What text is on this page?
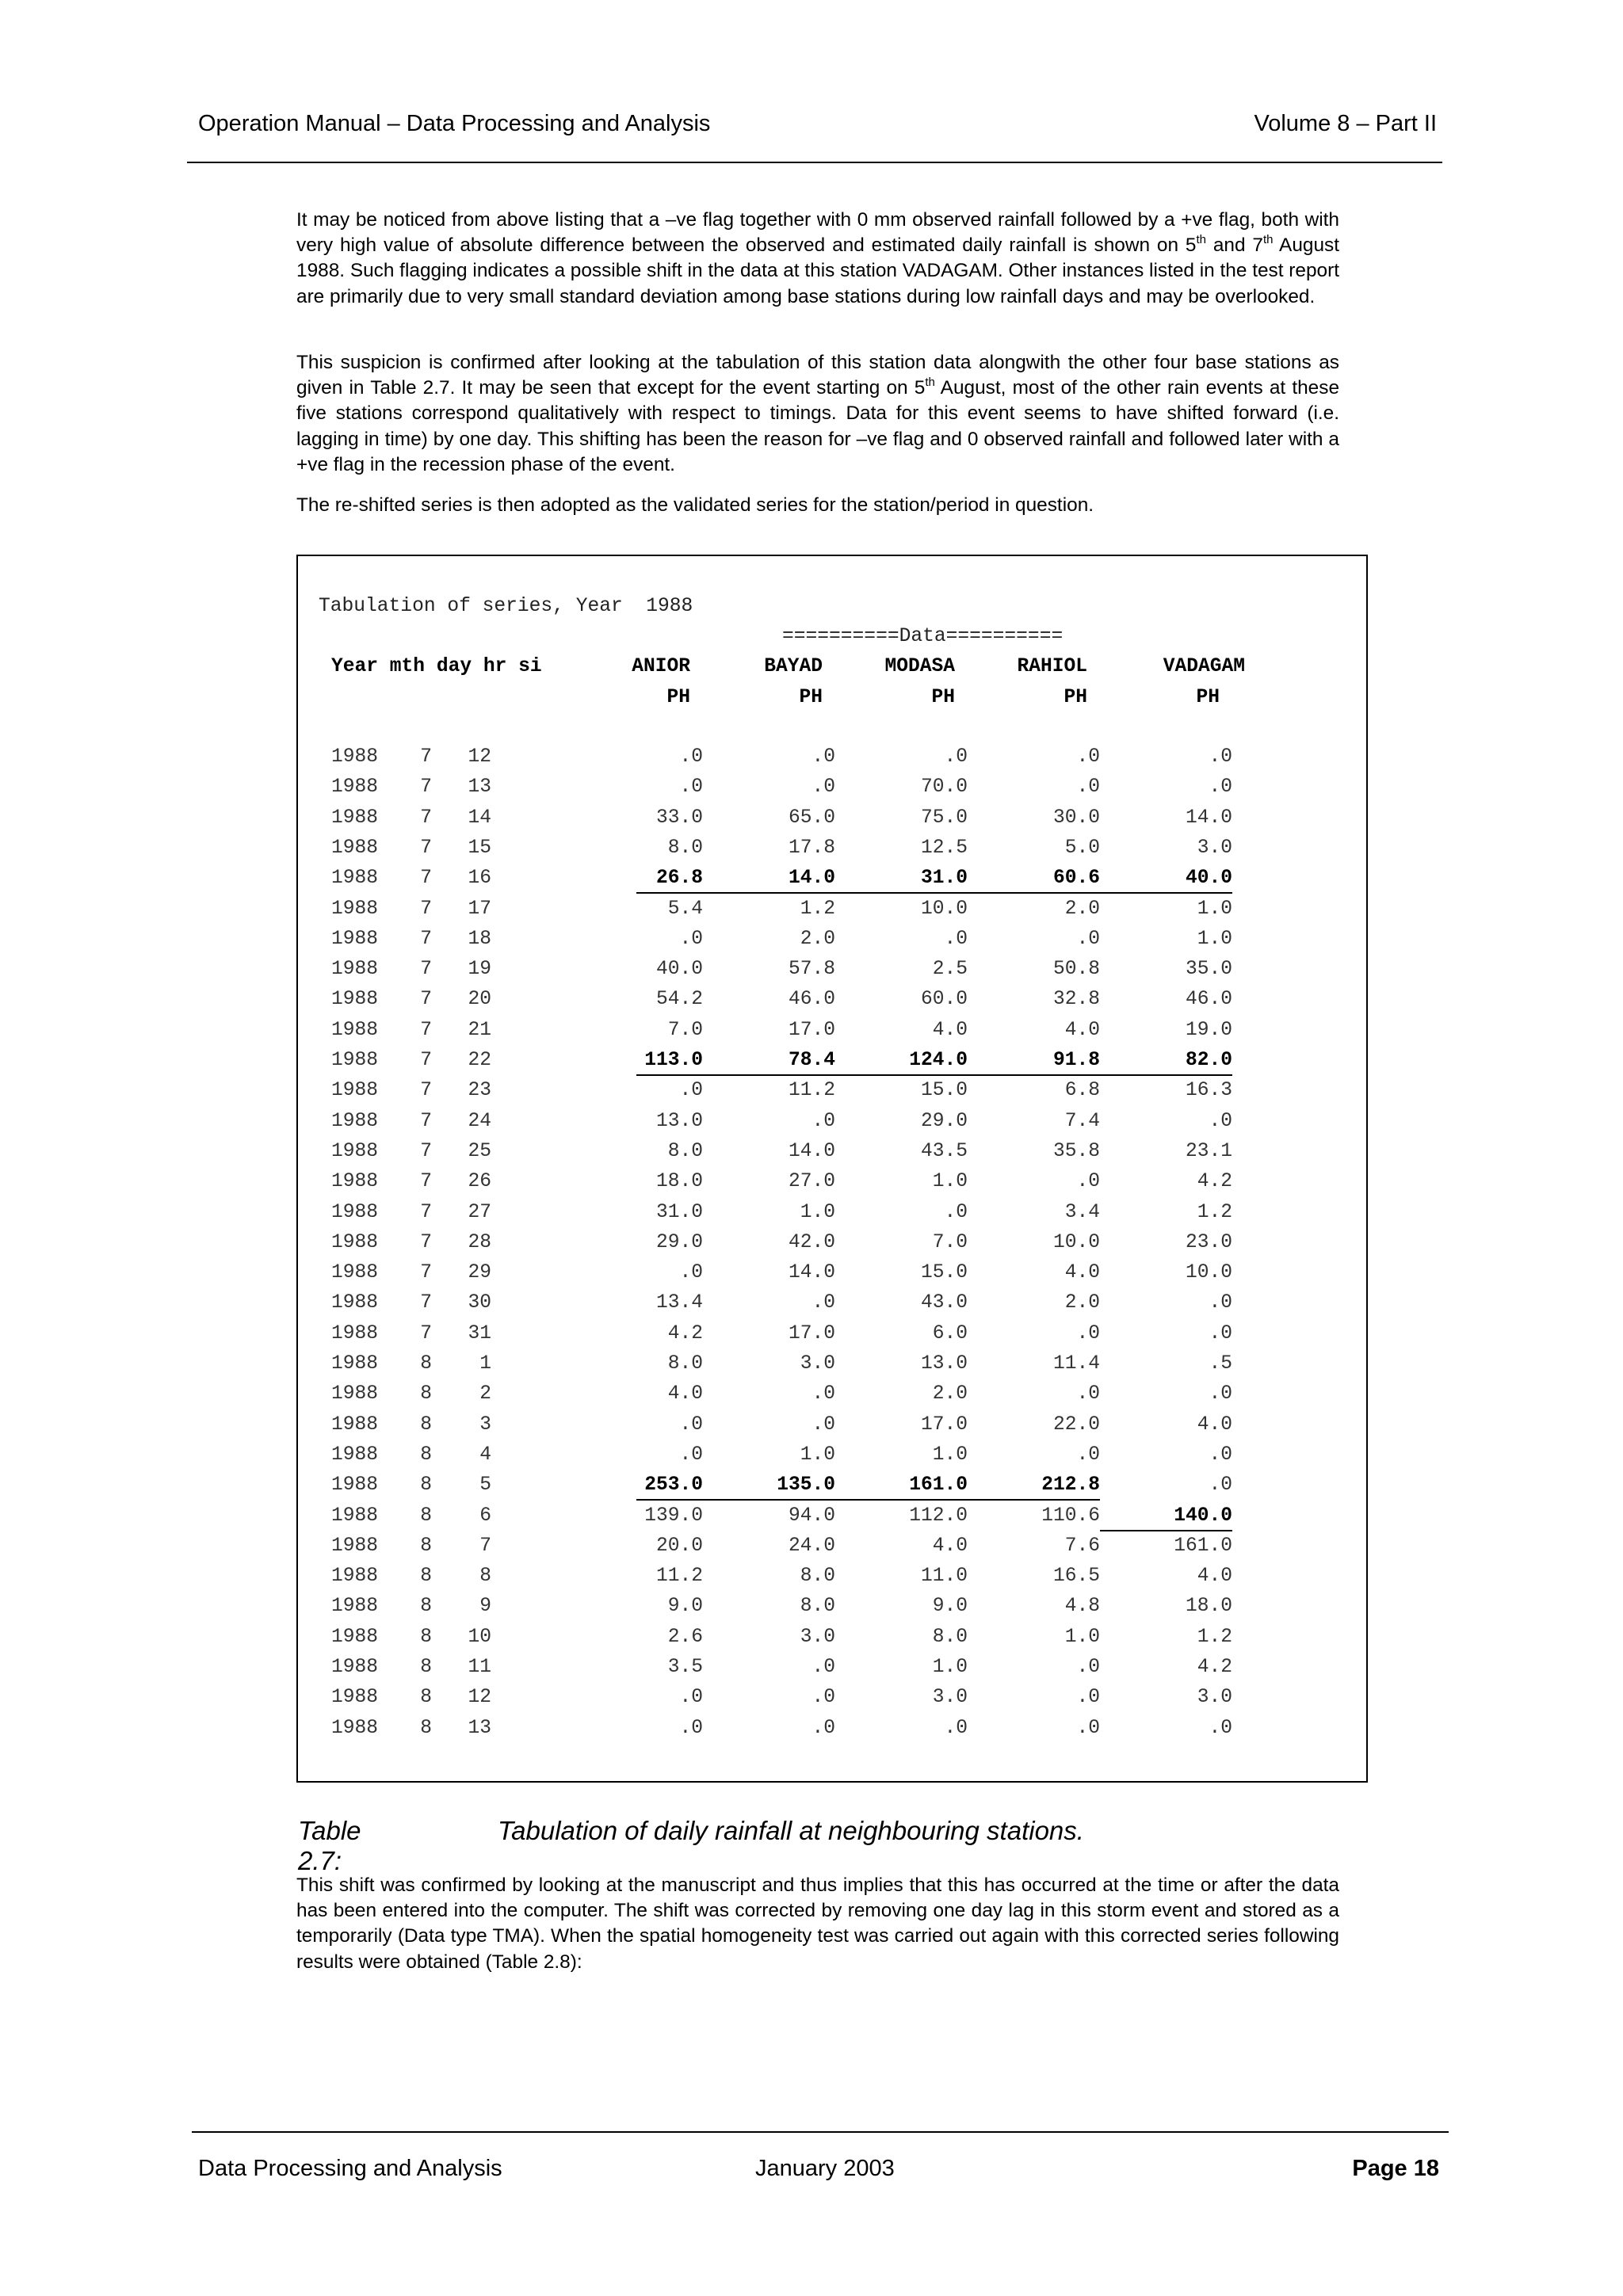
Operation Manual – Data Processing and Analysis	Volume 8 – Part II

It may be noticed from above listing that a –ve flag together with 0 mm observed rainfall followed by a +ve flag, both with very high value of absolute difference between the observed and estimated daily rainfall is shown on 5th and 7th August 1988. Such flagging indicates a possible shift in the data at this station VADAGAM. Other instances listed in the test report are primarily due to very small standard deviation among base stations during low rainfall days and may be overlooked.

This suspicion is confirmed after looking at the tabulation of this station data alongwith the other four base stations as given in Table 2.7. It may be seen that except for the event starting on 5th August, most of the other rain events at these five stations correspond qualitatively with respect to timings. Data for this event seems to have shifted forward (i.e. lagging in time) by one day. This shifting has been the reason for –ve flag and 0 observed rainfall and followed later with a +ve flag in the recession phase of the event.

The re-shifted series is then adopted as the validated series for the station/period in question.

Tabulation of series, Year  1988
==========Data==========
Year mth day hr si	ANIOR	BAYAD	MODASA	RAHIOL	VADAGAM
PH	PH	PH	PH	PH
1988 7 12	.0	.0	.0	.0	.0
1988 7 13	.0	.0	70.0	.0	.0
1988 7 14	33.0	65.0	75.0	30.0	14.0
1988 7 15	8.0	17.8	12.5	5.0	3.0
1988 7 16	26.8	14.0	31.0	60.6	40.0
1988 7 17	5.4	1.2	10.0	2.0	1.0
1988 7 18	.0	2.0	.0	.0	1.0
1988 7 19	40.0	57.8	2.5	50.8	35.0
1988 7 20	54.2	46.0	60.0	32.8	46.0
1988 7 21	7.0	17.0	4.0	4.0	19.0
1988 7 22	113.0	78.4	124.0	91.8	82.0
1988 7 23	.0	11.2	15.0	6.8	16.3
1988 7 24	13.0	.0	29.0	7.4	.0
1988 7 25	8.0	14.0	43.5	35.8	23.1
1988 7 26	18.0	27.0	1.0	.0	4.2
1988 7 27	31.0	1.0	.0	3.4	1.2
1988 7 28	29.0	42.0	7.0	10.0	23.0
1988 7 29	.0	14.0	15.0	4.0	10.0
1988 7 30	13.4	.0	43.0	2.0	.0
1988 7 31	4.2	17.0	6.0	.0	.0
1988 8 1	8.0	3.0	13.0	11.4	.5
1988 8 2	4.0	.0	2.0	.0	.0
1988 8 3	.0	.0	17.0	22.0	4.0
1988 8 4	.0	1.0	1.0	.0	.0
1988 8 5	253.0	135.0	161.0	212.8	.0
1988 8 6	139.0	94.0	112.0	110.6	140.0
1988 8 7	20.0	24.0	4.0	7.6	161.0
1988 8 8	11.2	8.0	11.0	16.5	4.0
1988 8 9	9.0	8.0	9.0	4.8	18.0
1988 8 10	2.6	3.0	8.0	1.0	1.2
1988 8 11	3.5	.0	1.0	.0	4.2
1988 8 12	.0	.0	3.0	.0	3.0
1988 8 13	.0	.0	.0	.0	.0
Table 2.7:
Tabulation of daily rainfall at neighbouring stations.

This shift was confirmed by looking at the manuscript and thus implies that this has occurred at the time or after the data has been entered into the computer. The shift was corrected by removing one day lag in this storm event and stored as a temporarily (Data type TMA). When the spatial homogeneity test was carried out again with this corrected series following results were obtained (Table 2.8):

Data Processing and Analysis	January 2003	Page 18
